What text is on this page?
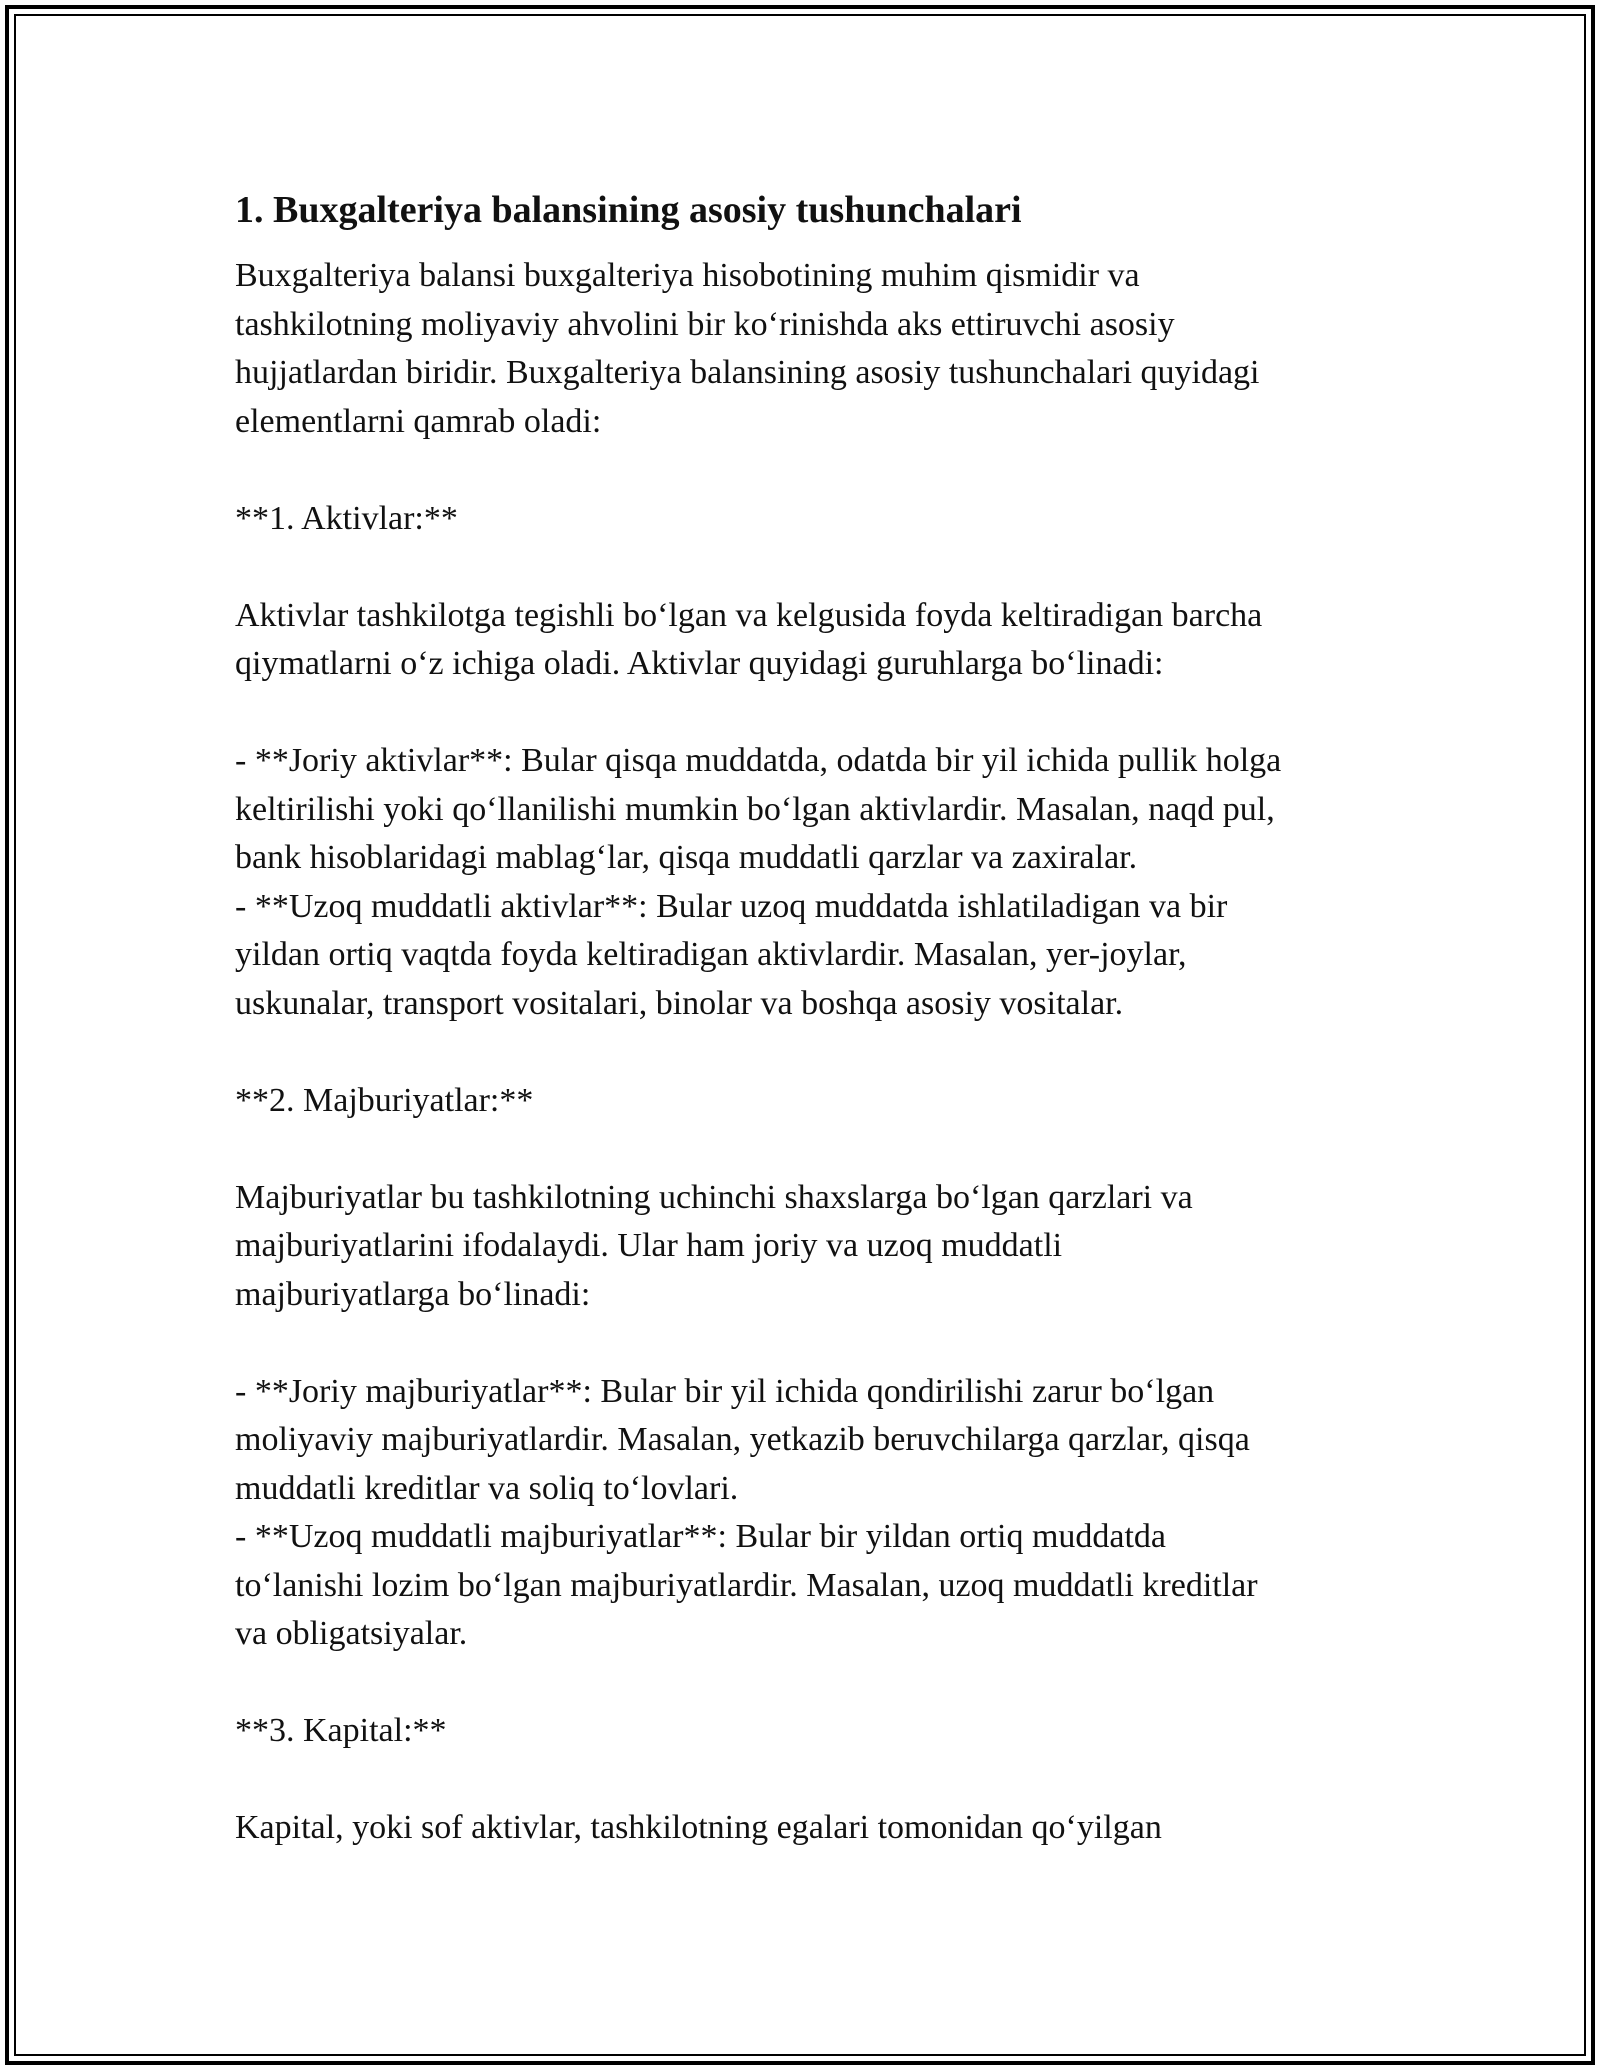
1. Buxgalteriya balansining asosiy tushunchalari
Buxgalteriya balansi buxgalteriya hisobotining muhim qismidir va
tashkilotning moliyaviy ahvolini bir ko‘rinishda aks ettiruvchi asosiy
hujjatlardan biridir. Buxgalteriya balansining asosiy tushunchalari quyidagi
elementlarni qamrab oladi:
**1. Aktivlar:**
Aktivlar tashkilotga tegishli bo‘lgan va kelgusida foyda keltiradigan barcha
qiymatlarni o‘z ichiga oladi. Aktivlar quyidagi guruhlarga bo‘linadi:
- **Joriy aktivlar**: Bular qisqa muddatda, odatda bir yil ichida pullik holga
keltirilishi yoki qo‘llanilishi mumkin bo‘lgan aktivlardir. Masalan, naqd pul,
bank hisoblaridagi mablag‘lar, qisqa muddatli qarzlar va zaxiralar.
- **Uzoq muddatli aktivlar**: Bular uzoq muddatda ishlatiladigan va bir
yildan ortiq vaqtda foyda keltiradigan aktivlardir. Masalan, yer-joylar,
uskunalar, transport vositalari, binolar va boshqa asosiy vositalar.
**2. Majburiyatlar:**
Majburiyatlar bu tashkilotning uchinchi shaxslarga bo‘lgan qarzlari va
majburiyatlarini ifodalaydi. Ular ham joriy va uzoq muddatli
majburiyatlarga bo‘linadi:
- **Joriy majburiyatlar**: Bular bir yil ichida qondirilishi zarur bo‘lgan
moliyaviy majburiyatlardir. Masalan, yetkazib beruvchilarga qarzlar, qisqa
muddatli kreditlar va soliq to‘lovlari.
- **Uzoq muddatli majburiyatlar**: Bular bir yildan ortiq muddatda
to‘lanishi lozim bo‘lgan majburiyatlardir. Masalan, uzoq muddatli kreditlar
va obligatsiyalar.
**3. Kapital:**
Kapital, yoki sof aktivlar, tashkilotning egalari tomonidan qo‘yilgan
